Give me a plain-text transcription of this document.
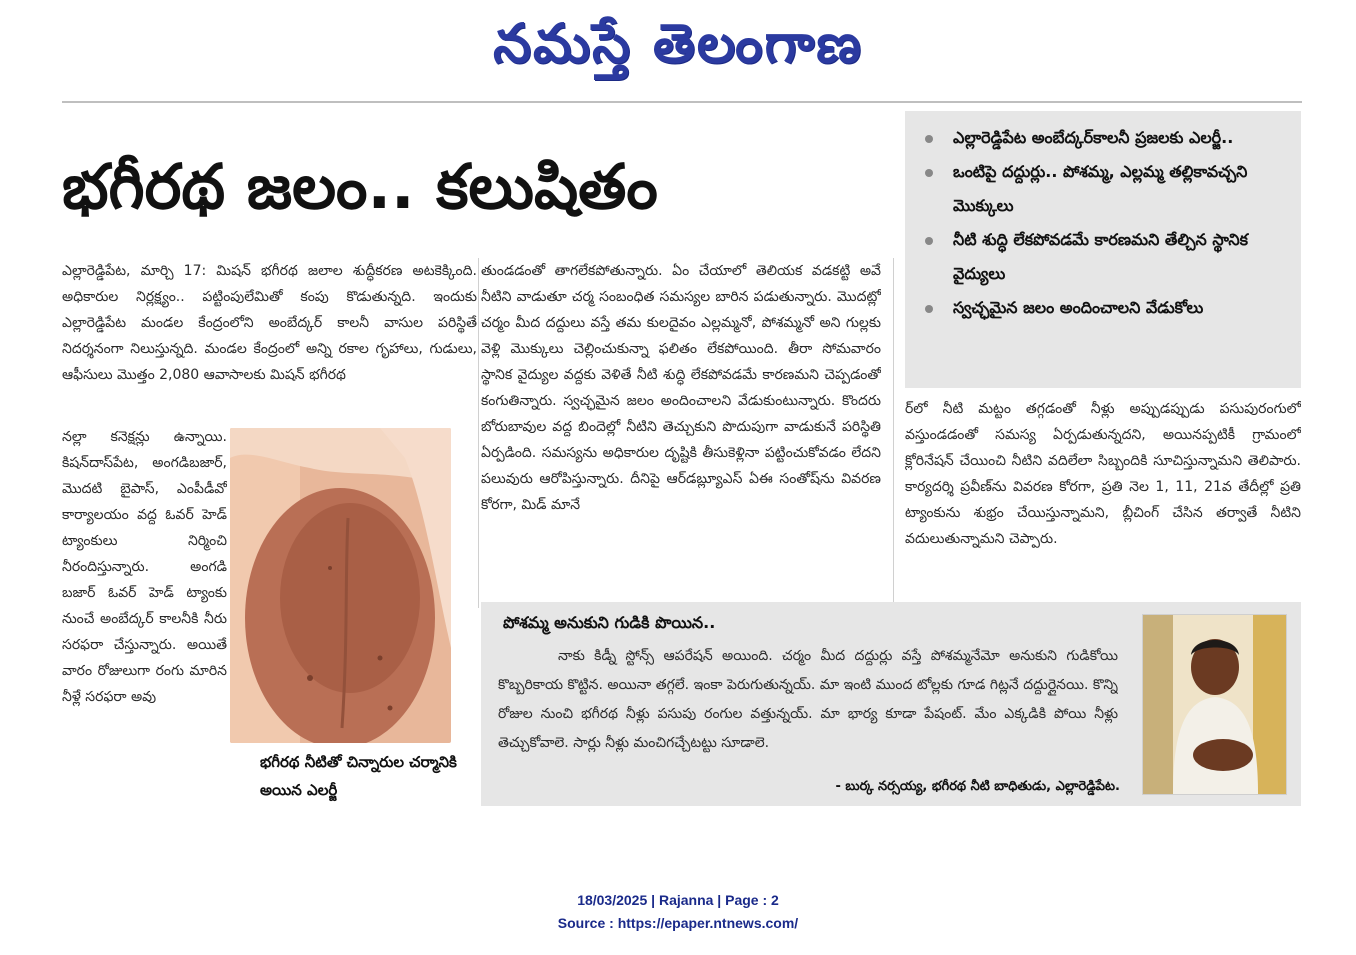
నమస్తే తెలంగాణ
భగీరథ జలం.. కలుషితం
ఎల్లారెడ్డిపేట అంబేద్కర్‌కాలనీ ప్రజలకు ఎలర్జీ..
ఒంటిపై దద్దుర్లు.. పోశమ్మ, ఎల్లమ్మ తల్లికావచ్చని మొక్కులు
నీటి శుద్ధి లేకపోవడమే కారణమని తేల్చిన స్థానిక వైద్యులు
స్వచ్ఛమైన జలం అందించాలని వేడుకోలు
ఎల్లారెడ్డిపేట, మార్చి 17: మిషన్ భగీరథ జలాల శుద్ధీకరణ అటకెక్కింది. అధికారుల నిర్లక్ష్యం.. పట్టింపులేమితో కంపు కొడుతున్నది. ఇందుకు ఎల్లారెడ్డిపేట మండల కేంద్రంలోని అంబేద్కర్ కాలనీ వాసుల పరిస్థితే నిదర్శనంగా నిలుస్తున్నది. మండల కేంద్రంలో అన్ని రకాల గృహాలు, గుడులు, ఆఫీసులు మొత్తం 2,080 ఆవాసాలకు మిషన్ భగీరథ
నల్లా కనెక్షన్లు ఉన్నాయి. కిషన్‌దాస్‌పేట, అంగడిబజార్, మొదటి బైపాస్, ఎంపీడీవో కార్యాలయం వద్ద ఓవర్ హెడ్ ట్యాంకులు నిర్మించి నీరందిస్తున్నారు. అంగడి బజార్ ఓవర్ హెడ్ ట్యాంకు నుంచే అంబేద్కర్ కాలనీకి నీరు సరఫరా చేస్తున్నారు. అయితే వారం రోజులుగా రంగు మారిన నీళ్లే సరఫరా అవు
తుండడంతో తాగలేకపోతున్నారు. ఏం చేయాలో తెలియక వడకట్టి అవే నీటిని వాడుతూ చర్మ సంబంధిత సమస్యల బారిన పడుతున్నారు. మొదట్లో చర్మం మీద దద్దులు వస్తే తమ కులదైవం ఎల్లమ్మనో, పోశమ్మనో అని గుల్లకు వెళ్లి మొక్కులు చెల్లించుకున్నా ఫలితం లేకపోయింది. తీరా సోమవారం స్థానిక వైద్యుల వద్దకు వెళితే నీటి శుద్ధి లేకపోవడమే కారణమని చెప్పడంతో కంగుతిన్నారు. స్వచ్ఛమైన జలం అందించాలని వేడుకుంటున్నారు. కొందరు బోరుబావుల వద్ద బిందెల్లో నీటిని తెచ్చుకుని పొదుపుగా వాడుకునే పరిస్థితి ఏర్పడింది. సమస్యను అధికారుల దృష్టికి తీసుకెళ్లినా పట్టించుకోవడం లేదని పలువురు ఆరోపిస్తున్నారు. దీనిపై ఆర్‌డబ్ల్యూఎస్ ఏఈ సంతోష్‌ను వివరణ కోరగా, మిడ్ మానే
ర్‌లో నీటి మట్టం తగ్గడంతో నీళ్లు అప్పుడప్పుడు పసుపురంగులో వస్తుండడంతో సమస్య ఏర్పడుతున్నదని, అయినప్పటికీ గ్రామంలో క్లోరినేషన్ చేయించి నీటిని వదిలేలా సిబ్బందికి సూచిస్తున్నామని తెలిపారు. కార్యదర్శి ప్రవీణ్‌ను వివరణ కోరగా, ప్రతి నెల 1, 11, 21వ తేదీల్లో ప్రతి ట్యాంకును శుభ్రం చేయిస్తున్నామని, బ్లీచింగ్ చేసిన తర్వాతే నీటిని వదులుతున్నామని చెప్పారు.
భగీరథ నీటితో చిన్నారుల చర్మానికి అయిన ఎలర్జీ
పోశమ్మ అనుకుని గుడికి పొయిన..
నాకు కిడ్నీ స్టోన్స్ ఆపరేషన్ అయింది. చర్మం మీద దద్దుర్లు వస్తే పోశమ్మనేమో అనుకుని గుడికోయి కొబ్బరికాయ కొట్టిన. అయినా తగ్గలే. ఇంకా పెరుగుతున్నయ్. మా ఇంటి ముంద టోల్లకు గూడ గిట్లనే దద్దుర్లైనయి. కొన్ని రోజుల నుంచి భగీరథ నీళ్లు పసుపు రంగుల వత్తున్నయ్. మా భార్య కూడా పేషంట్. మేం ఎక్కడికి పోయి నీళ్లు తెచ్చుకోవాలె. సార్లు నీళ్లు మంచిగచ్చేటట్టు సూడాలె.
- బుర్క నర్సయ్య, భగీరథ నీటి బాధితుడు, ఎల్లారెడ్డిపేట.
18/03/2025 | Rajanna | Page : 2
Source : https://epaper.ntnews.com/
